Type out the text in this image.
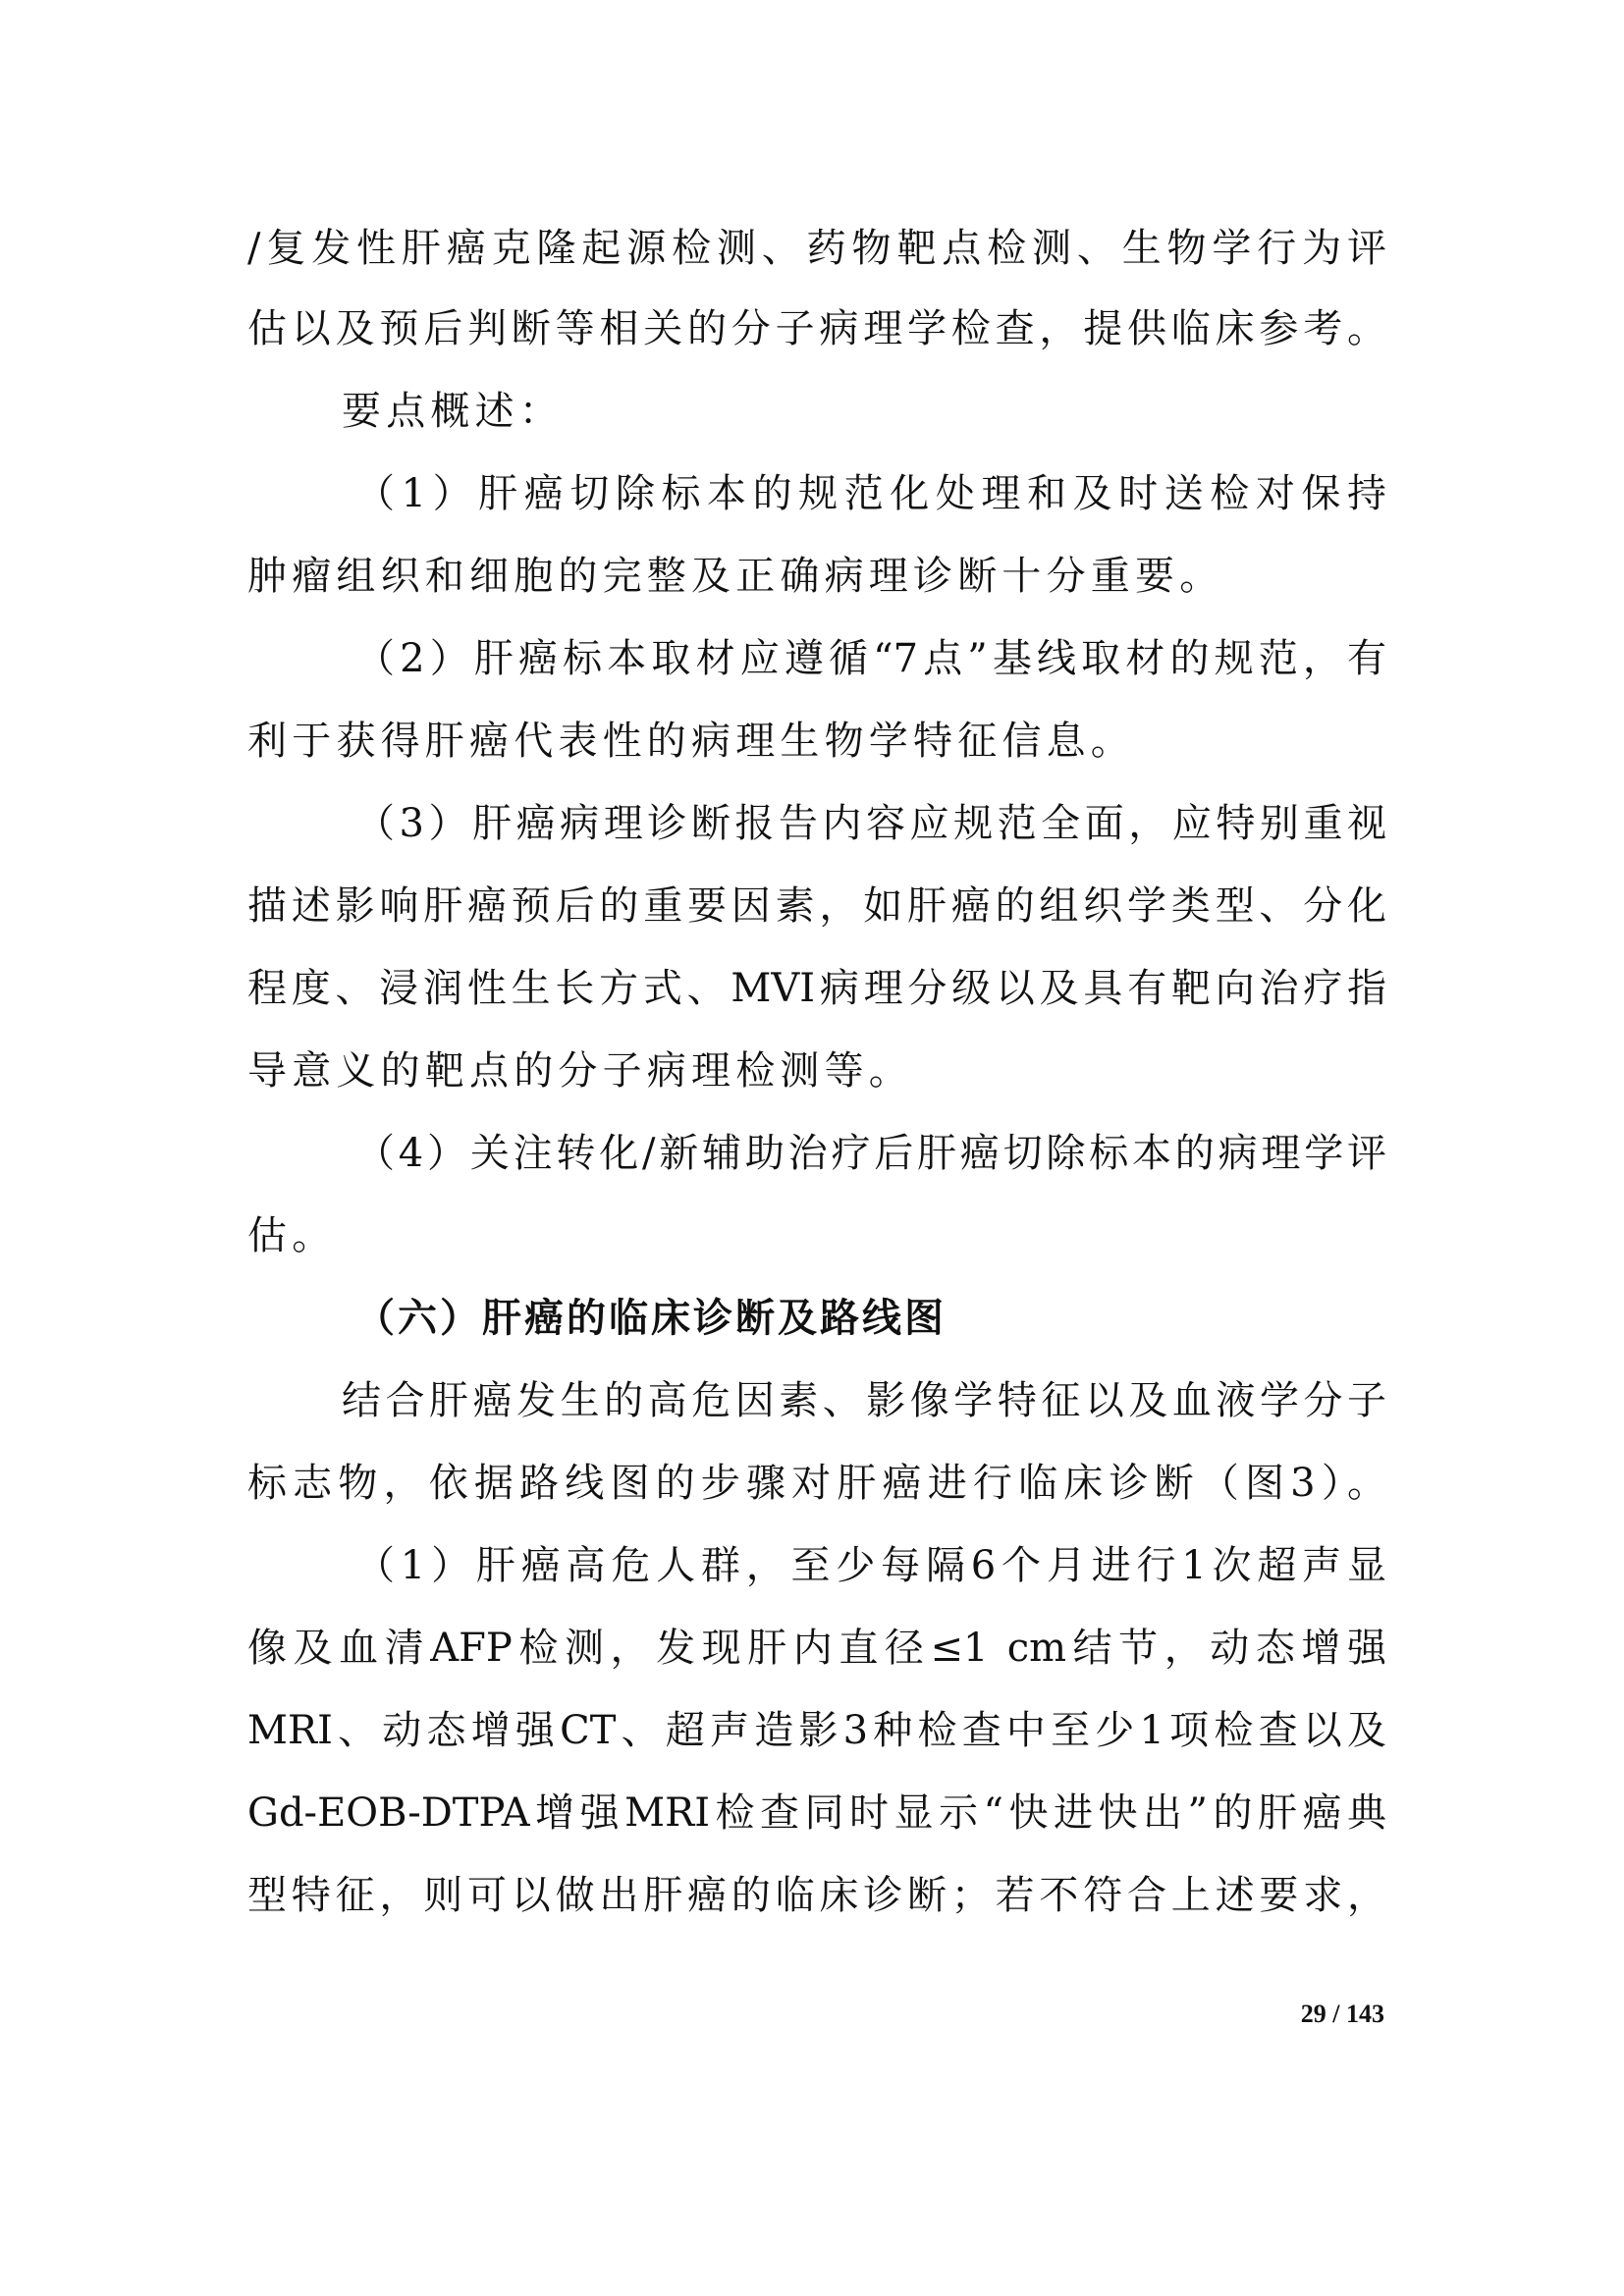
/复发性肝癌克隆起源检测、药物靶点检测、生物学行为评
估以及预后判断等相关的分子病理学检查，提供临床参考。
要点概述：
（1）肝癌切除标本的规范化处理和及时送检对保持
肿瘤组织和细胞的完整及正确病理诊断十分重要。
（2）肝癌标本取材应遵循“7点”基线取材的规范，有
利于获得肝癌代表性的病理生物学特征信息。
（3）肝癌病理诊断报告内容应规范全面，应特别重视
描述影响肝癌预后的重要因素，如肝癌的组织学类型、分化
程度、浸润性生长方式、MVI病理分级以及具有靶向治疗指
导意义的靶点的分子病理检测等。
（4）关注转化/新辅助治疗后肝癌切除标本的病理学评
估。
（六）肝癌的临床诊断及路线图
结合肝癌发生的高危因素、影像学特征以及血液学分子
标志物，依据路线图的步骤对肝癌进行临床诊断（图3）。
（1）肝癌高危人群，至少每隔6个月进行1次超声显
像及血清AFP检测，发现肝内直径≤1 cm结节，动态增强
MRI、动态增强CT、超声造影3种检查中至少1项检查以及
Gd-EOB-DTPA增强MRI检查同时显示“快进快出”的肝癌典
型特征，则可以做出肝癌的临床诊断；若不符合上述要求，
29 / 143
